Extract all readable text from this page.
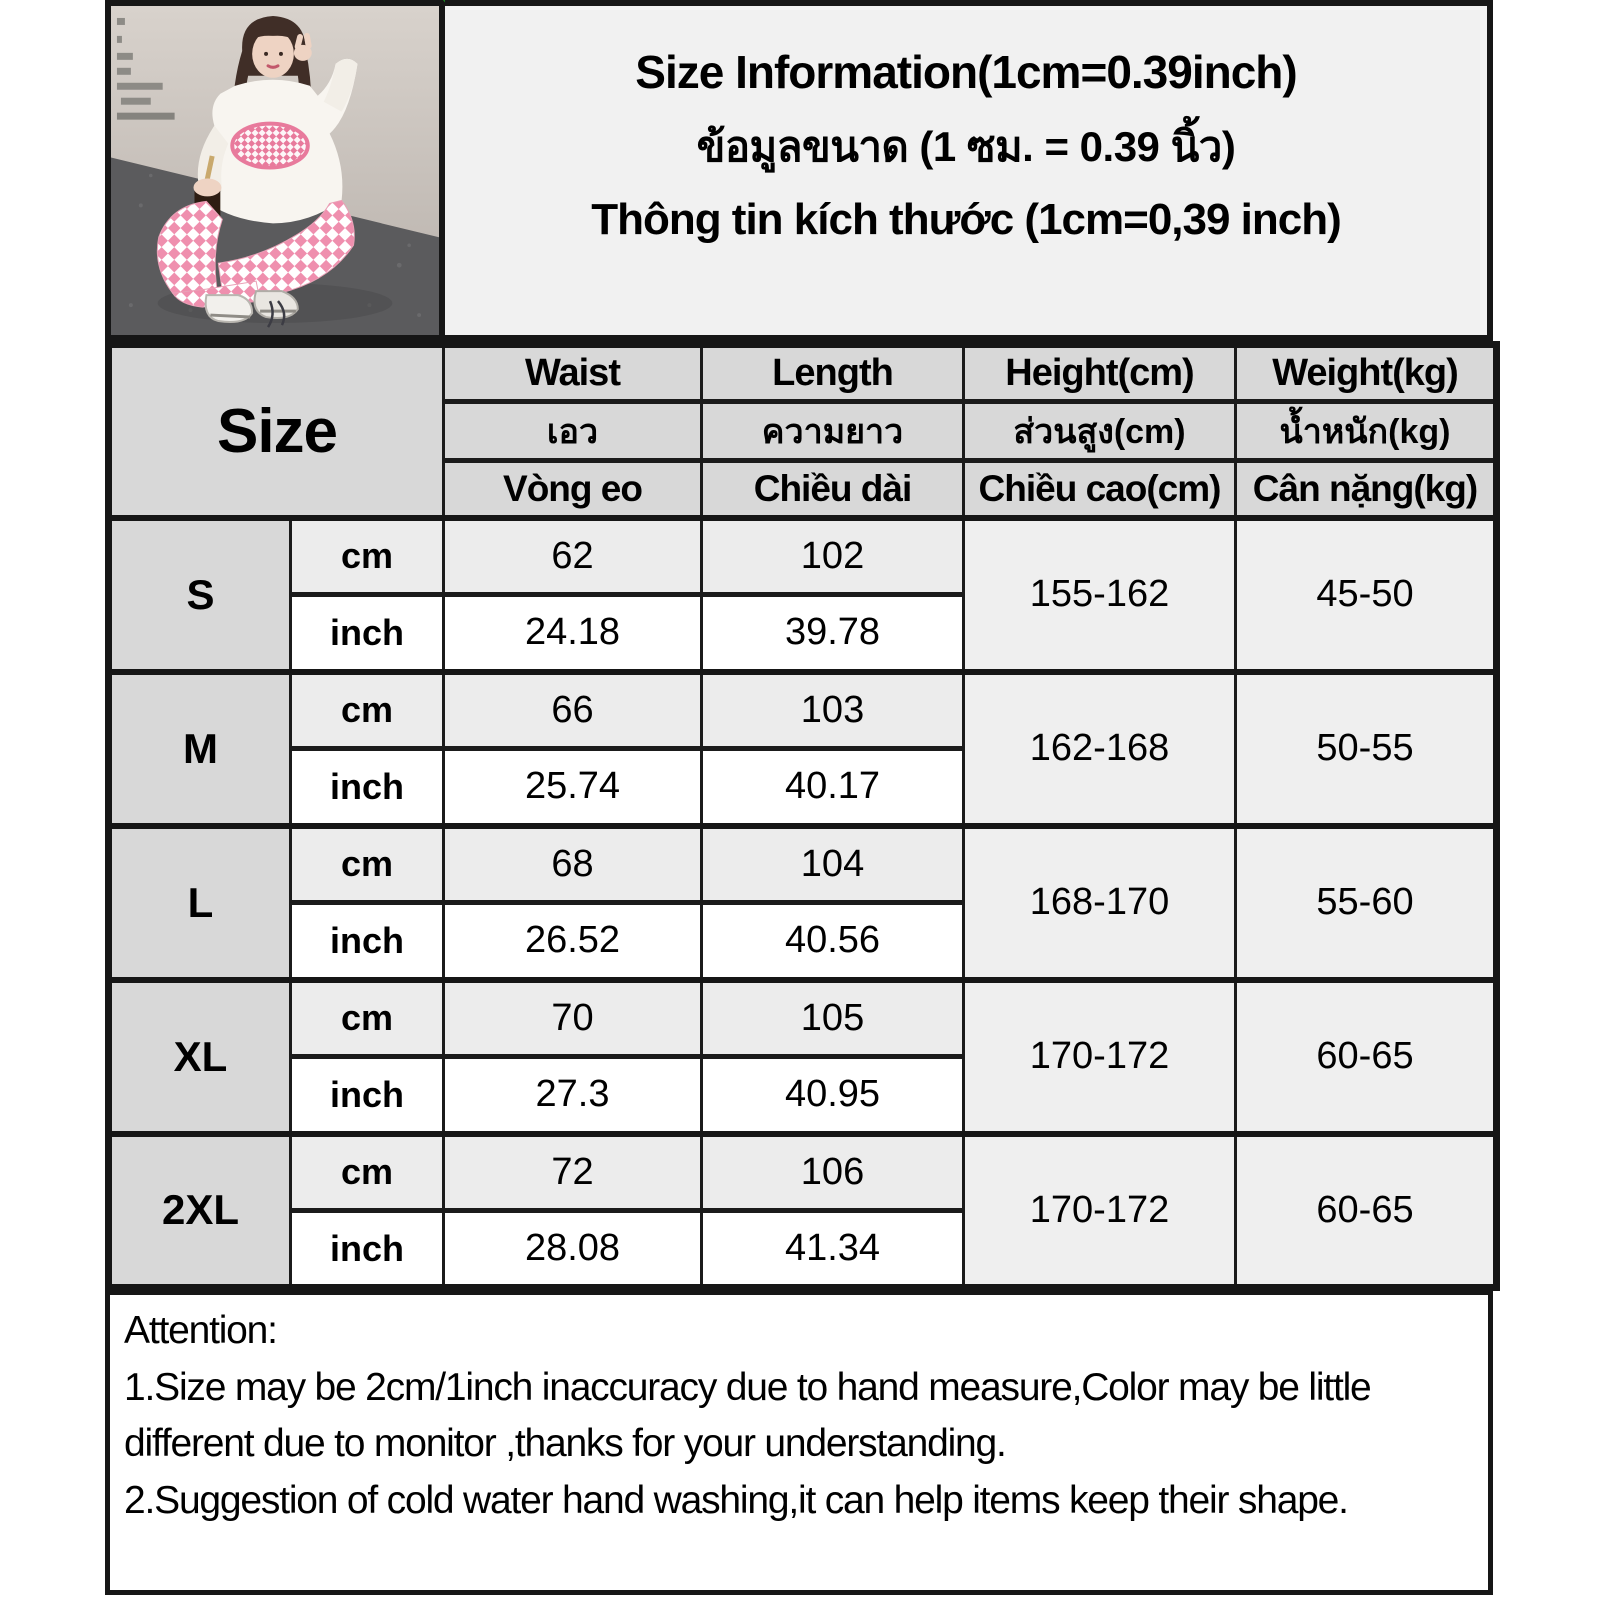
Size Information(1cm=0.39inch)
ข้อมูลขนาด (1 ซม. = 0.39 นิ้ว)
Thông tin kích thước (1cm=0,39 inch)
Size		Waist	Length	Height(cm)	Weight(kg)
		เอว	ความยาว	ส่วนสูง(cm)	น้ำหนัก(kg)
		Vòng eo	Chiều dài	Chiều cao(cm)	Cân nặng(kg)
S	cm	62	102	155-162	45-50
	inch	24.18	39.78		
M	cm	66	103	162-168	50-55
	inch	25.74	40.17		
L	cm	68	104	168-170	55-60
	inch	26.52	40.56		
XL	cm	70	105	170-172	60-65
	inch	27.3	40.95		
2XL	cm	72	106	170-172	60-65
	inch	28.08	41.34		
Attention:
1.Size may be 2cm/1inch inaccuracy due to hand measure,Color may be little different due to monitor ,thanks for your understanding.
2.Suggestion of cold water hand washing,it can help items keep their shape.
